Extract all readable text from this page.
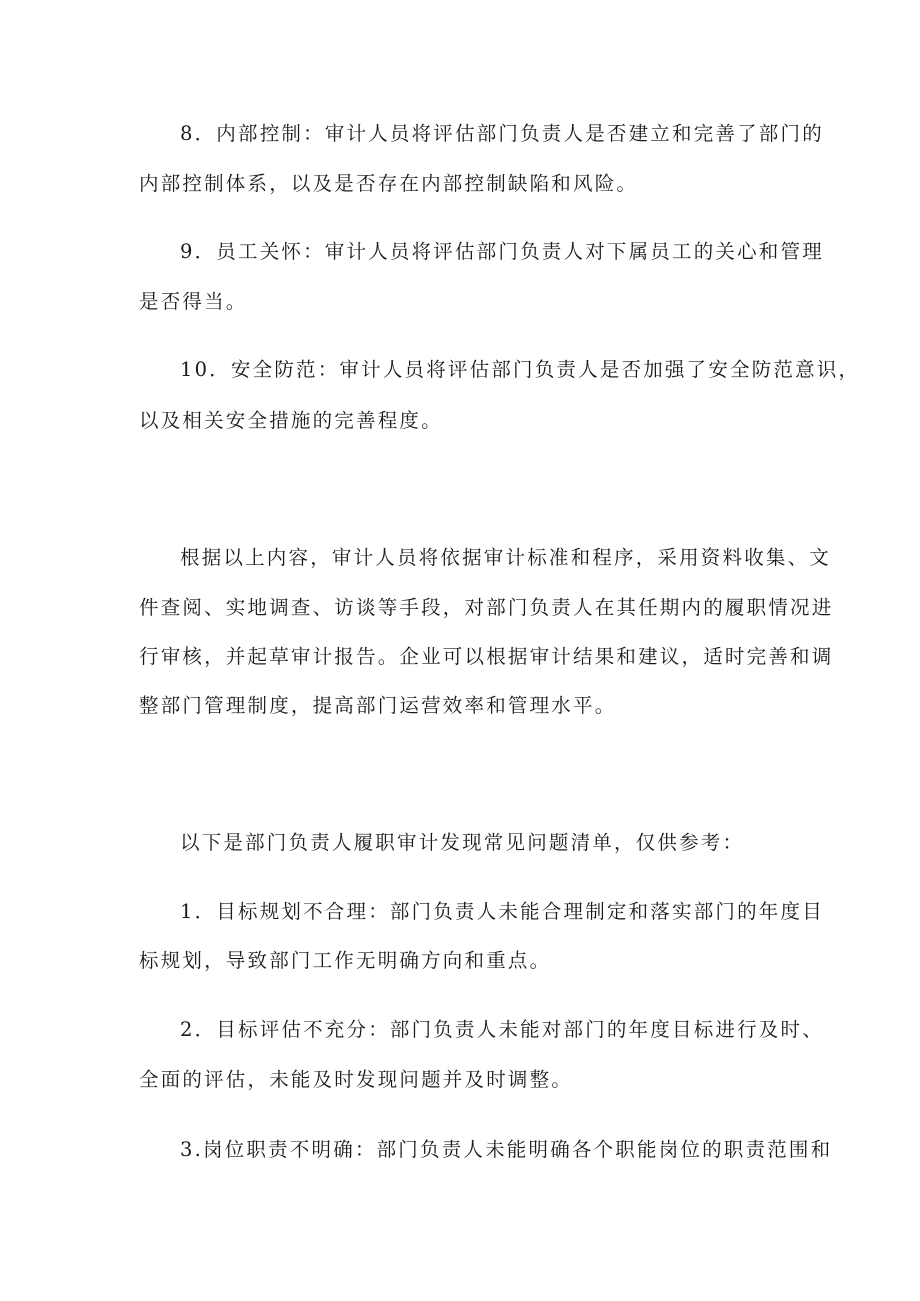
8．内部控制：审计人员将评估部门负责人是否建立和完善了部门的
内部控制体系，以及是否存在内部控制缺陷和风险。
9．员工关怀：审计人员将评估部门负责人对下属员工的关心和管理
是否得当。
10．安全防范：审计人员将评估部门负责人是否加强了安全防范意识，
以及相关安全措施的完善程度。
根据以上内容，审计人员将依据审计标准和程序，采用资料收集、文
件查阅、实地调查、访谈等手段，对部门负责人在其任期内的履职情况进
行审核，并起草审计报告。企业可以根据审计结果和建议，适时完善和调
整部门管理制度，提高部门运营效率和管理水平。
以下是部门负责人履职审计发现常见问题清单，仅供参考：
1．目标规划不合理：部门负责人未能合理制定和落实部门的年度目
标规划，导致部门工作无明确方向和重点。
2．目标评估不充分：部门负责人未能对部门的年度目标进行及时、
全面的评估，未能及时发现问题并及时调整。
3.岗位职责不明确：部门负责人未能明确各个职能岗位的职责范围和
